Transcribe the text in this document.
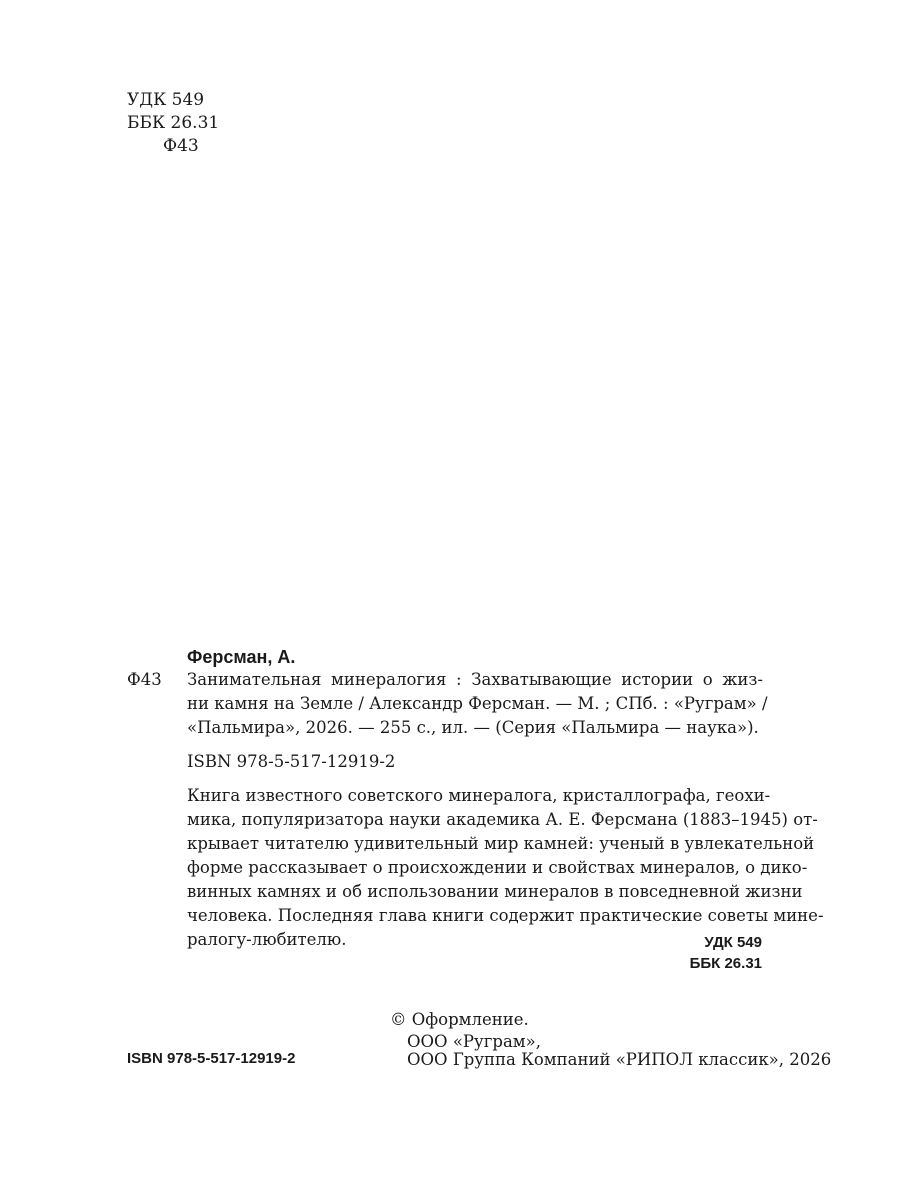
УДК 549
ББК 26.31
Ф43
Ферсман, А.
Ф43 Занимательная минералогия : Захватывающие истории о жиз-
ни камня на Земле / Александр Ферсман. — М. ; СПб. : «Руграм» /
«Пальмира», 2026. — 255 с., ил. — (Серия «Пальмира — наука»).
ISBN 978-5-517-12919-2
Книга известного советского минералога, кристаллографа, геохи-
мика, популяризатора науки академика А. Е. Ферсмана (1883–1945) от-
крывает читателю удивительный мир камней: ученый в увлекательной
форме рассказывает о происхождении и свойствах минералов, о дико-
винных камнях и об использовании минералов в повседневной жизни
человека. Последняя глава книги содержит практические советы мине-
ралогу-любителю.	УДК 549
ББК 26.31
ISBN 978-5-517-12919-2
© Оформление.
ООО «Руграм»,
ООО Группа Компаний «РИПОЛ классик», 2026
